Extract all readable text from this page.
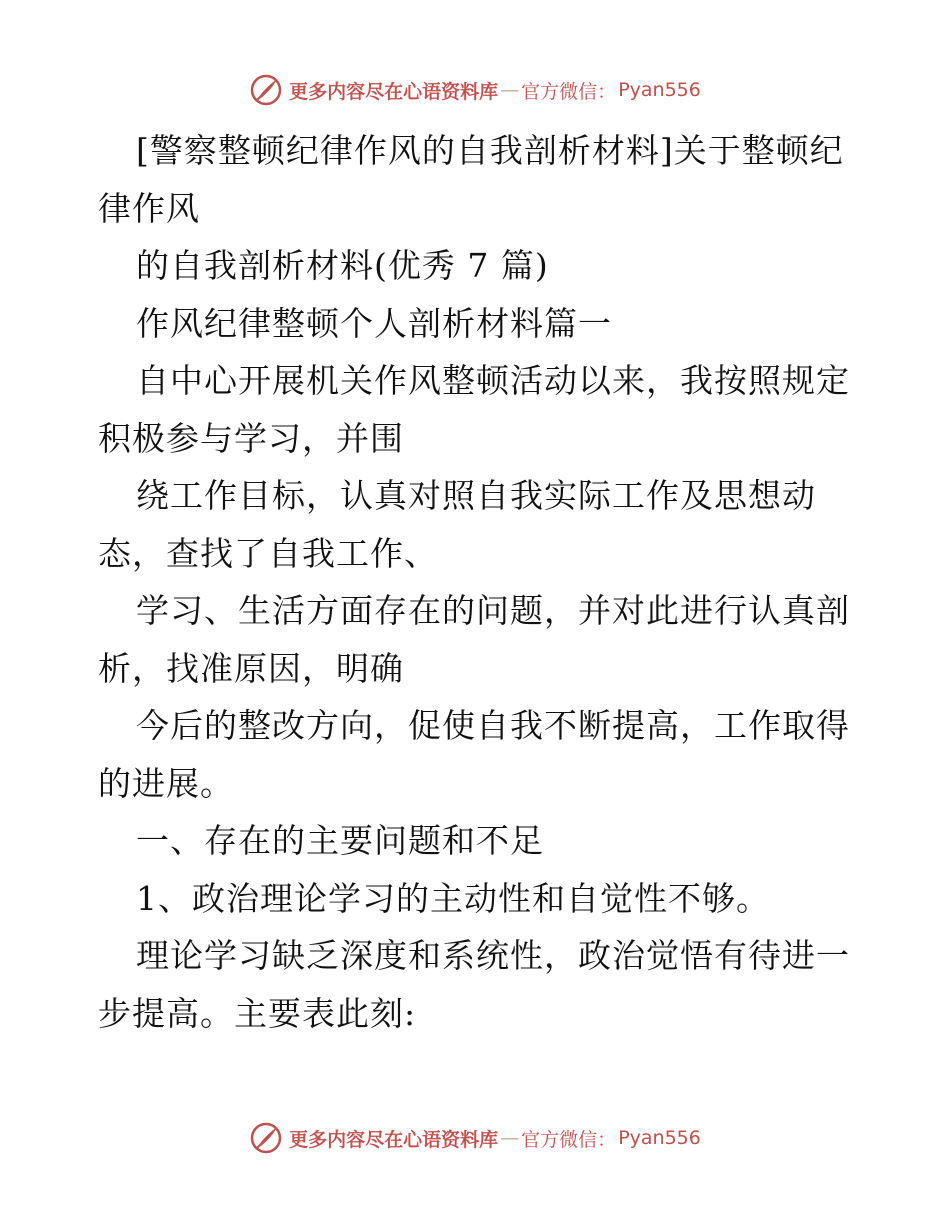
更多内容尽在心语资料库 — 官方微信： Pyan556
[警察整顿纪律作风的自我剖析材料]关于整顿纪
律作风
的自我剖析材料(优秀 7 篇)
作风纪律整顿个人剖析材料篇一
自中心开展机关作风整顿活动以来，我按照规定
积极参与学习，并围
绕工作目标，认真对照自我实际工作及思想动
态，查找了自我工作、
学习、生活方面存在的问题，并对此进行认真剖
析，找准原因，明确
今后的整改方向，促使自我不断提高，工作取得
的进展。
一、存在的主要问题和不足
1、政治理论学习的主动性和自觉性不够。
理论学习缺乏深度和系统性，政治觉悟有待进一
步提高。主要表此刻:
更多内容尽在心语资料库 — 官方微信： Pyan556
